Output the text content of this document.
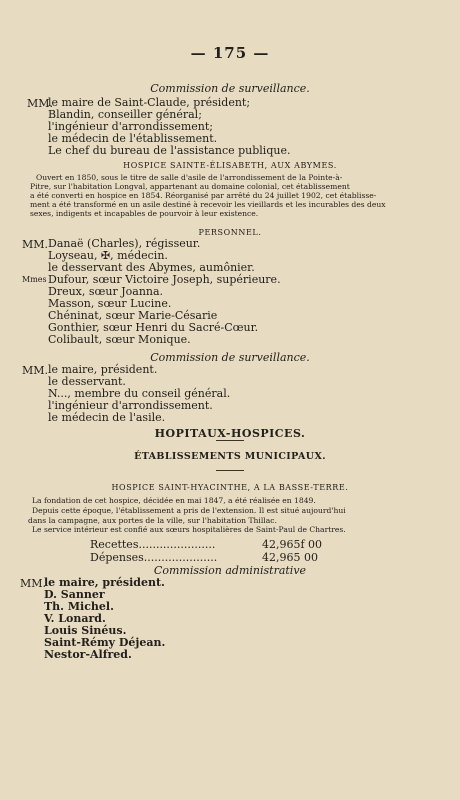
— 175 —
Commission de surveillance.
MM.
le maire de Saint-Claude, président;
Blandin, conseiller général;
l'ingénieur d'arrondissement;
le médecin de l'établissement.
Le chef du bureau de l'assistance publique.
HOSPICE SAINTE-ÉLISABETH, AUX ABYMES.
Ouvert en 1850, sous le titre de salle d'asile de l'arrondissement de la Pointe-à-
Pitre, sur l'habitation Longval, appartenant au domaine colonial, cet établissement
a été converti en hospice en 1854. Réorganisé par arrêté du 24 juillet 1902, cet établisse-
ment a été transformé en un asile destiné à recevoir les vieillards et les incurables des deux
sexes, indigents et incapables de pourvoir à leur existence.
PERSONNEL.
MM. Danaë (Charles), régisseur.
Loyseau, ✠, médecin.
le desservant des Abymes, aumônier.
Mmes Dufour, sœur Victoire Joseph, supérieure.
Dreux, sœur Joanna.
Masson, sœur Lucine.
Chéninat, sœur Marie-Césarie
Gonthier, sœur Henri du Sacré-Cœur.
Colibault, sœur Monique.
Commission de surveillance.
MM. le maire, président.
le desservant.
N..., membre du conseil général.
l'ingénieur d'arrondissement.
le médecin de l'asile.
HOPITAUX-HOSPICES.
ÉTABLISSEMENTS MUNICIPAUX.
HOSPICE SAINT-HYACINTHE, A LA BASSE-TERRE.
La fondation de cet hospice, décidée en mai 1847, a été réalisée en 1849.
Depuis cette époque, l'établissement a pris de l'extension. Il est situé aujourd'hui
dans la campagne, aux portes de la ville, sur l'habitation Thillac.
Le service intérieur est confié aux sœurs hospitalières de Saint-Paul de Chartres.
Recettes......................	42,965f 00
Dépenses.....................	42,965 00
Commission administrative
MM.
le maire, président.
D. Sanner
Th. Michel.
V. Lonard.
Louis Sinéus.
Saint-Rémy Déjean.
Nestor-Alfred.
